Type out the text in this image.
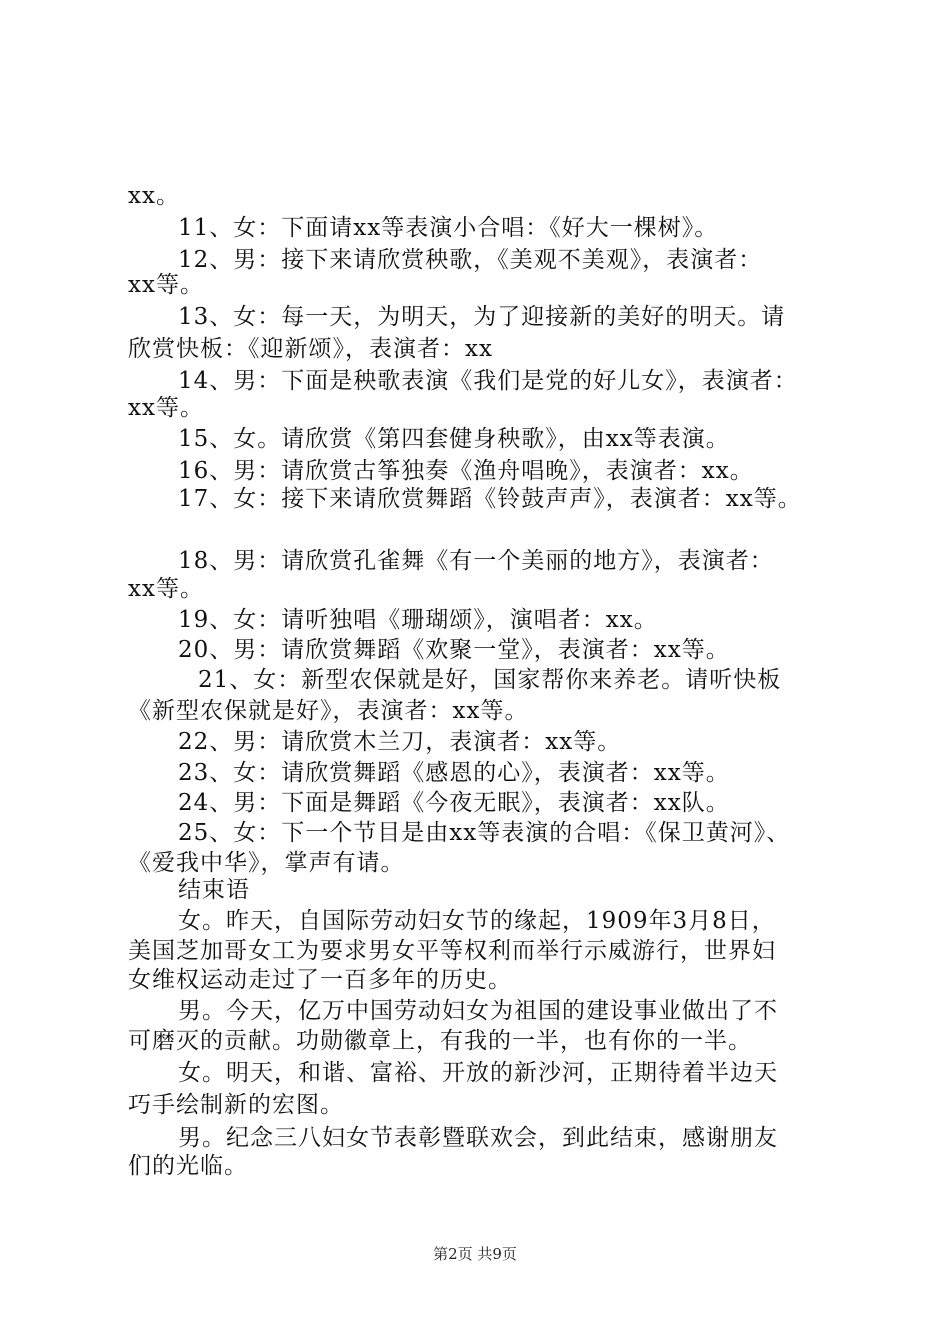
xx。
11、女：下面请xx等表演小合唱：《好大一棵树》。
12、男：接下来请欣赏秧歌，《美观不美观》，表演者：
xx等。
13、女：每一天，为明天，为了迎接新的美好的明天。请
欣赏快板：《迎新颂》，表演者：xx
14、男：下面是秧歌表演《我们是党的好儿女》，表演者：
xx等。
15、女。请欣赏《第四套健身秧歌》，由xx等表演。
16、男：请欣赏古筝独奏《渔舟唱晚》，表演者：xx。
17、女：接下来请欣赏舞蹈《铃鼓声声》，表演者：xx等。
18、男：请欣赏孔雀舞《有一个美丽的地方》，表演者：
xx等。
19、女：请听独唱《珊瑚颂》，演唱者：xx。
20、男：请欣赏舞蹈《欢聚一堂》，表演者：xx等。
21、女：新型农保就是好，国家帮你来养老。请听快板
《新型农保就是好》，表演者：xx等。
22、男：请欣赏木兰刀，表演者：xx等。
23、女：请欣赏舞蹈《感恩的心》，表演者：xx等。
24、男：下面是舞蹈《今夜无眠》，表演者：xx队。
25、女：下一个节目是由xx等表演的合唱：《保卫黄河》、
《爱我中华》，掌声有请。
结束语
女。昨天，自国际劳动妇女节的缘起，1909年3月8日，
美国芝加哥女工为要求男女平等权利而举行示威游行，世界妇
女维权运动走过了一百多年的历史。
男。今天，亿万中国劳动妇女为祖国的建设事业做出了不
可磨灭的贡献。功勋徽章上，有我的一半，也有你的一半。
女。明天，和谐、富裕、开放的新沙河，正期待着半边天
巧手绘制新的宏图。
男。纪念三八妇女节表彰暨联欢会，到此结束，感谢朋友
们的光临。
第2页 共9页
